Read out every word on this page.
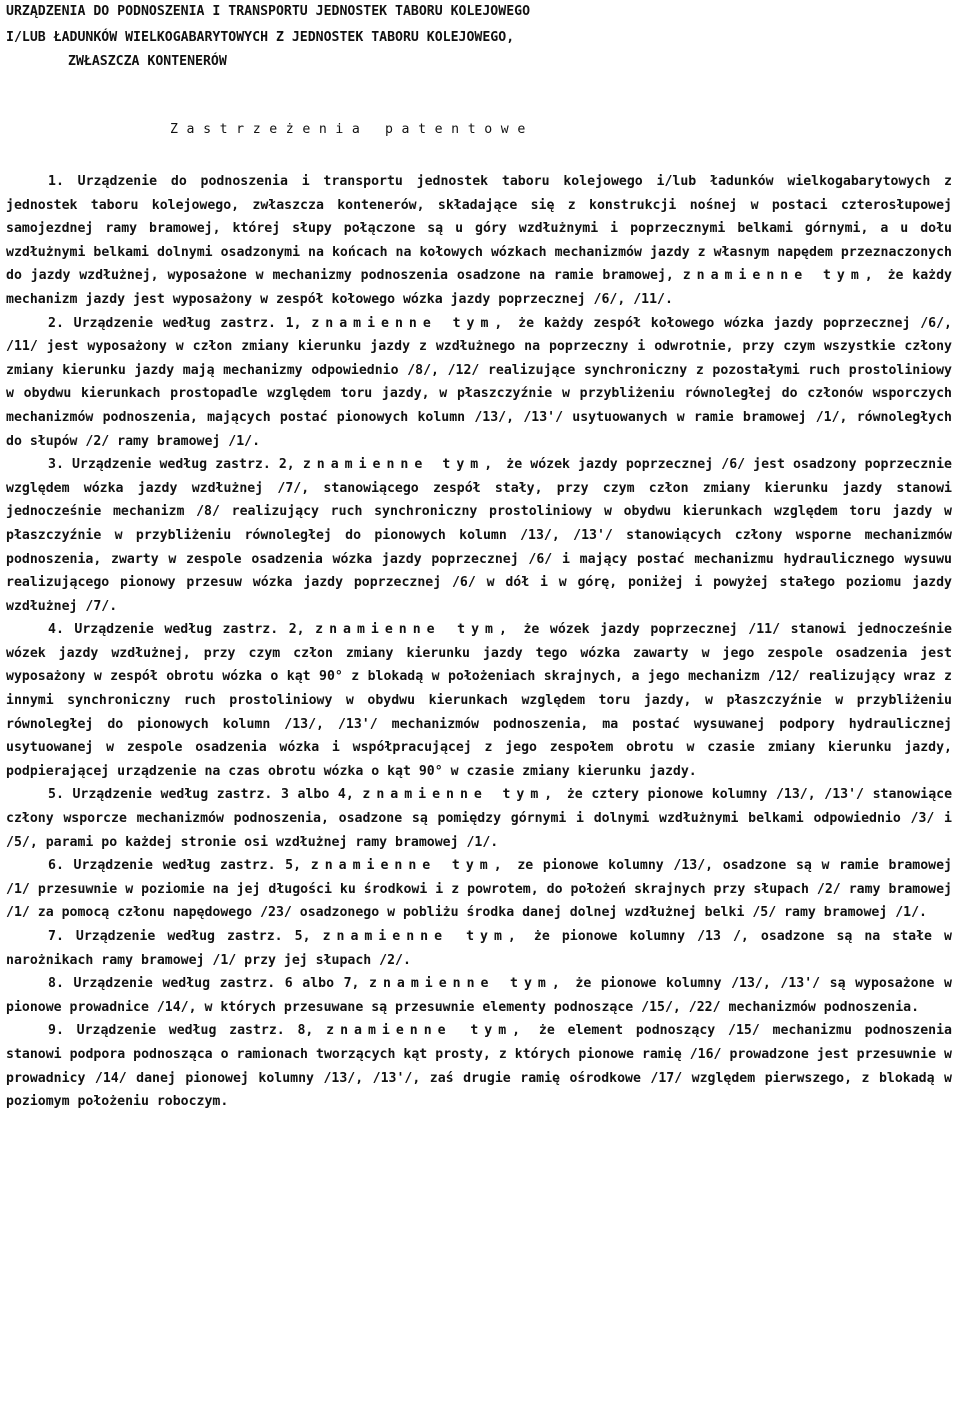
URZĄDZENIA DO PODNOSZENIA I TRANSPORTU JEDNOSTEK TABORU KOLEJOWEGO
I/LUB ŁADUNKÓW WIELKOGABARYTOWYCH Z JEDNOSTEK TABORU KOLEJOWEGO,
ZWŁASZCZA KONTENERÓW
Zastrzeżenia patentowe

1. Urządzenie do podnoszenia i transportu jednostek taboru kolejowego i/lub ładunków wielkogabarytowych z jednostek taboru kolejowego, zwłaszcza kontenerów, składające się z konstrukcji nośnej w postaci czterosłupowej samojezdnej ramy bramowej, której słupy połączone są u góry wzdłużnymi i poprzecznymi belkami górnymi, a u dołu wzdłużnymi belkami dolnymi osadzonymi na końcach na kołowych wózkach mechanizmów jazdy z własnym napędem przeznaczonych do jazdy wzdłużnej, wyposażone w mechanizmy podnoszenia osadzone na ramie bramowej, znamienne tym, że każdy mechanizm jazdy jest wyposażony w zespół kołowego wózka jazdy poprzecznej /6/, /11/.

2. Urządzenie według zastrz. 1, znamienne tym, że każdy zespół kołowego wózka jazdy poprzecznej /6/, /11/ jest wyposażony w człon zmiany kierunku jazdy z wzdłużnego na poprzeczny i odwrotnie, przy czym wszystkie człony zmiany kierunku jazdy mają mechanizmy odpowiednio /8/, /12/ realizujące synchroniczny z pozostałymi ruch prostoliniowy w obydwu kierunkach prostopadle względem toru jazdy, w płaszczyźnie w przybliżeniu równoległej do członów wsporczych mechanizmów podnoszenia, mających postać pionowych kolumn /13/, /13'/ usytuowanych w ramie bramowej /1/, równoległych do słupów /2/ ramy bramowej /1/.

3. Urządzenie według zastrz. 2, znamienne tym, że wózek jazdy poprzecznej /6/ jest osadzony poprzecznie względem wózka jazdy wzdłużnej /7/, stanowiącego zespół stały, przy czym człon zmiany kierunku jazdy stanowi jednocześnie mechanizm /8/ realizujący ruch synchroniczny prostoliniowy w obydwu kierunkach względem toru jazdy w płaszczyźnie w przybliżeniu równoległej do pionowych kolumn /13/, /13'/ stanowiących człony wsporne mechanizmów podnoszenia, zwarty w zespole osadzenia wózka jazdy poprzecznej /6/ i mający postać mechanizmu hydraulicznego wysuwu realizującego pionowy przesuw wózka jazdy poprzecznej /6/ w dół i w górę, poniżej i powyżej stałego poziomu jazdy wzdłużnej /7/.

4. Urządzenie według zastrz. 2, znamienne tym, że wózek jazdy poprzecznej /11/ stanowi jednocześnie wózek jazdy wzdłużnej, przy czym człon zmiany kierunku jazdy tego wózka zawarty w jego zespole osadzenia jest wyposażony w zespół obrotu wózka o kąt 90° z blokadą w położeniach skrajnych, a jego mechanizm /12/ realizujący wraz z innymi synchroniczny ruch prostoliniowy w obydwu kierunkach względem toru jazdy, w płaszczyźnie w przybliżeniu równoległej do pionowych kolumn /13/, /13'/ mechanizmów podnoszenia, ma postać wysuwanej podpory hydraulicznej usytuowanej w zespole osadzenia wózka i współpracującej z jego zespołem obrotu w czasie zmiany kierunku jazdy, podpierającej urządzenie na czas obrotu wózka o kąt 90° w czasie zmiany kierunku jazdy.

5. Urządzenie według zastrz. 3 albo 4, znamienne tym, że cztery pionowe kolumny /13/, /13'/ stanowiące człony wsporcze mechanizmów podnoszenia, osadzone są pomiędzy górnymi i dolnymi wzdłużnymi belkami odpowiednio /3/ i /5/, parami po każdej stronie osi wzdłużnej ramy bramowej /1/.

6. Urządzenie według zastrz. 5, znamienne tym, ze pionowe kolumny /13/, osadzone są w ramie bramowej /1/ przesuwnie w poziomie na jej długości ku środkowi i z powrotem, do położeń skrajnych przy słupach /2/ ramy bramowej /1/ za pomocą członu napędowego /23/ osadzonego w pobliżu środka danej dolnej wzdłużnej belki /5/ ramy bramowej /1/.

7. Urządzenie według zastrz. 5, znamienne tym, że pionowe kolumny /13 /, osadzone są na stałe w narożnikach ramy bramowej /1/ przy jej słupach /2/.

8. Urządzenie według zastrz. 6 albo 7, znamienne tym, że pionowe kolumny /13/, /13'/ są wyposażone w pionowe prowadnice /14/, w których przesuwane są przesuwnie elementy podnoszące /15/, /22/ mechanizmów podnoszenia.

9. Urządzenie według zastrz. 8, znamienne tym, że element podnoszący /15/ mechanizmu podnoszenia stanowi podpora podnosząca o ramionach tworzących kąt prosty, z których pionowe ramię /16/ prowadzone jest przesuwnie w prowadnicy /14/ danej pionowej kolumny /13/, /13'/, zaś drugie ramię ośrodkowe /17/ względem pierwszego, z blokadą w poziomym położeniu roboczym.
